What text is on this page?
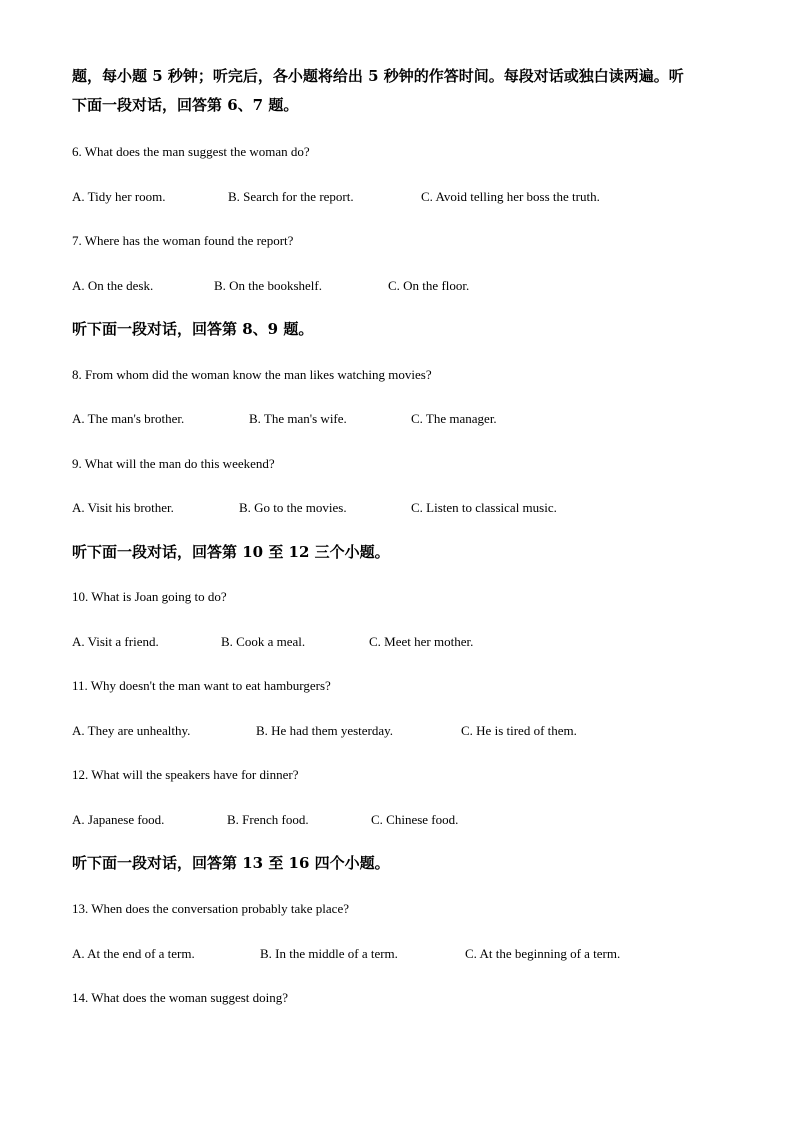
题，每小题 5 秒钟；听完后，各小题将给出 5 秒钟的作答时间。每段对话或独白读两遍。听
下面一段对话，回答第 6、7 题。
6. What does the man suggest the woman do?
A. Tidy her room.	B. Search for the report.	C. Avoid telling her boss the truth.
7. Where has the woman found the report?
A. On the desk.	B. On the bookshelf.	C. On the floor.
听下面一段对话，回答第 8、9 题。
8. From whom did the woman know the man likes watching movies?
A. The man's brother.	B. The man's wife.	C. The manager.
9. What will the man do this weekend?
A. Visit his brother.	B. Go to the movies.	C. Listen to classical music.
听下面一段对话，回答第 10 至 12 三个小题。
10. What is Joan going to do?
A. Visit a friend.	B. Cook a meal.	C. Meet her mother.
11. Why doesn't the man want to eat hamburgers?
A. They are unhealthy.	B. He had them yesterday.	C. He is tired of them.
12. What will the speakers have for dinner?
A. Japanese food.	B. French food.	C. Chinese food.
听下面一段对话，回答第 13 至 16 四个小题。
13. When does the conversation probably take place?
A. At the end of a term.	B. In the middle of a term.	C. At the beginning of a term.
14. What does the woman suggest doing?
